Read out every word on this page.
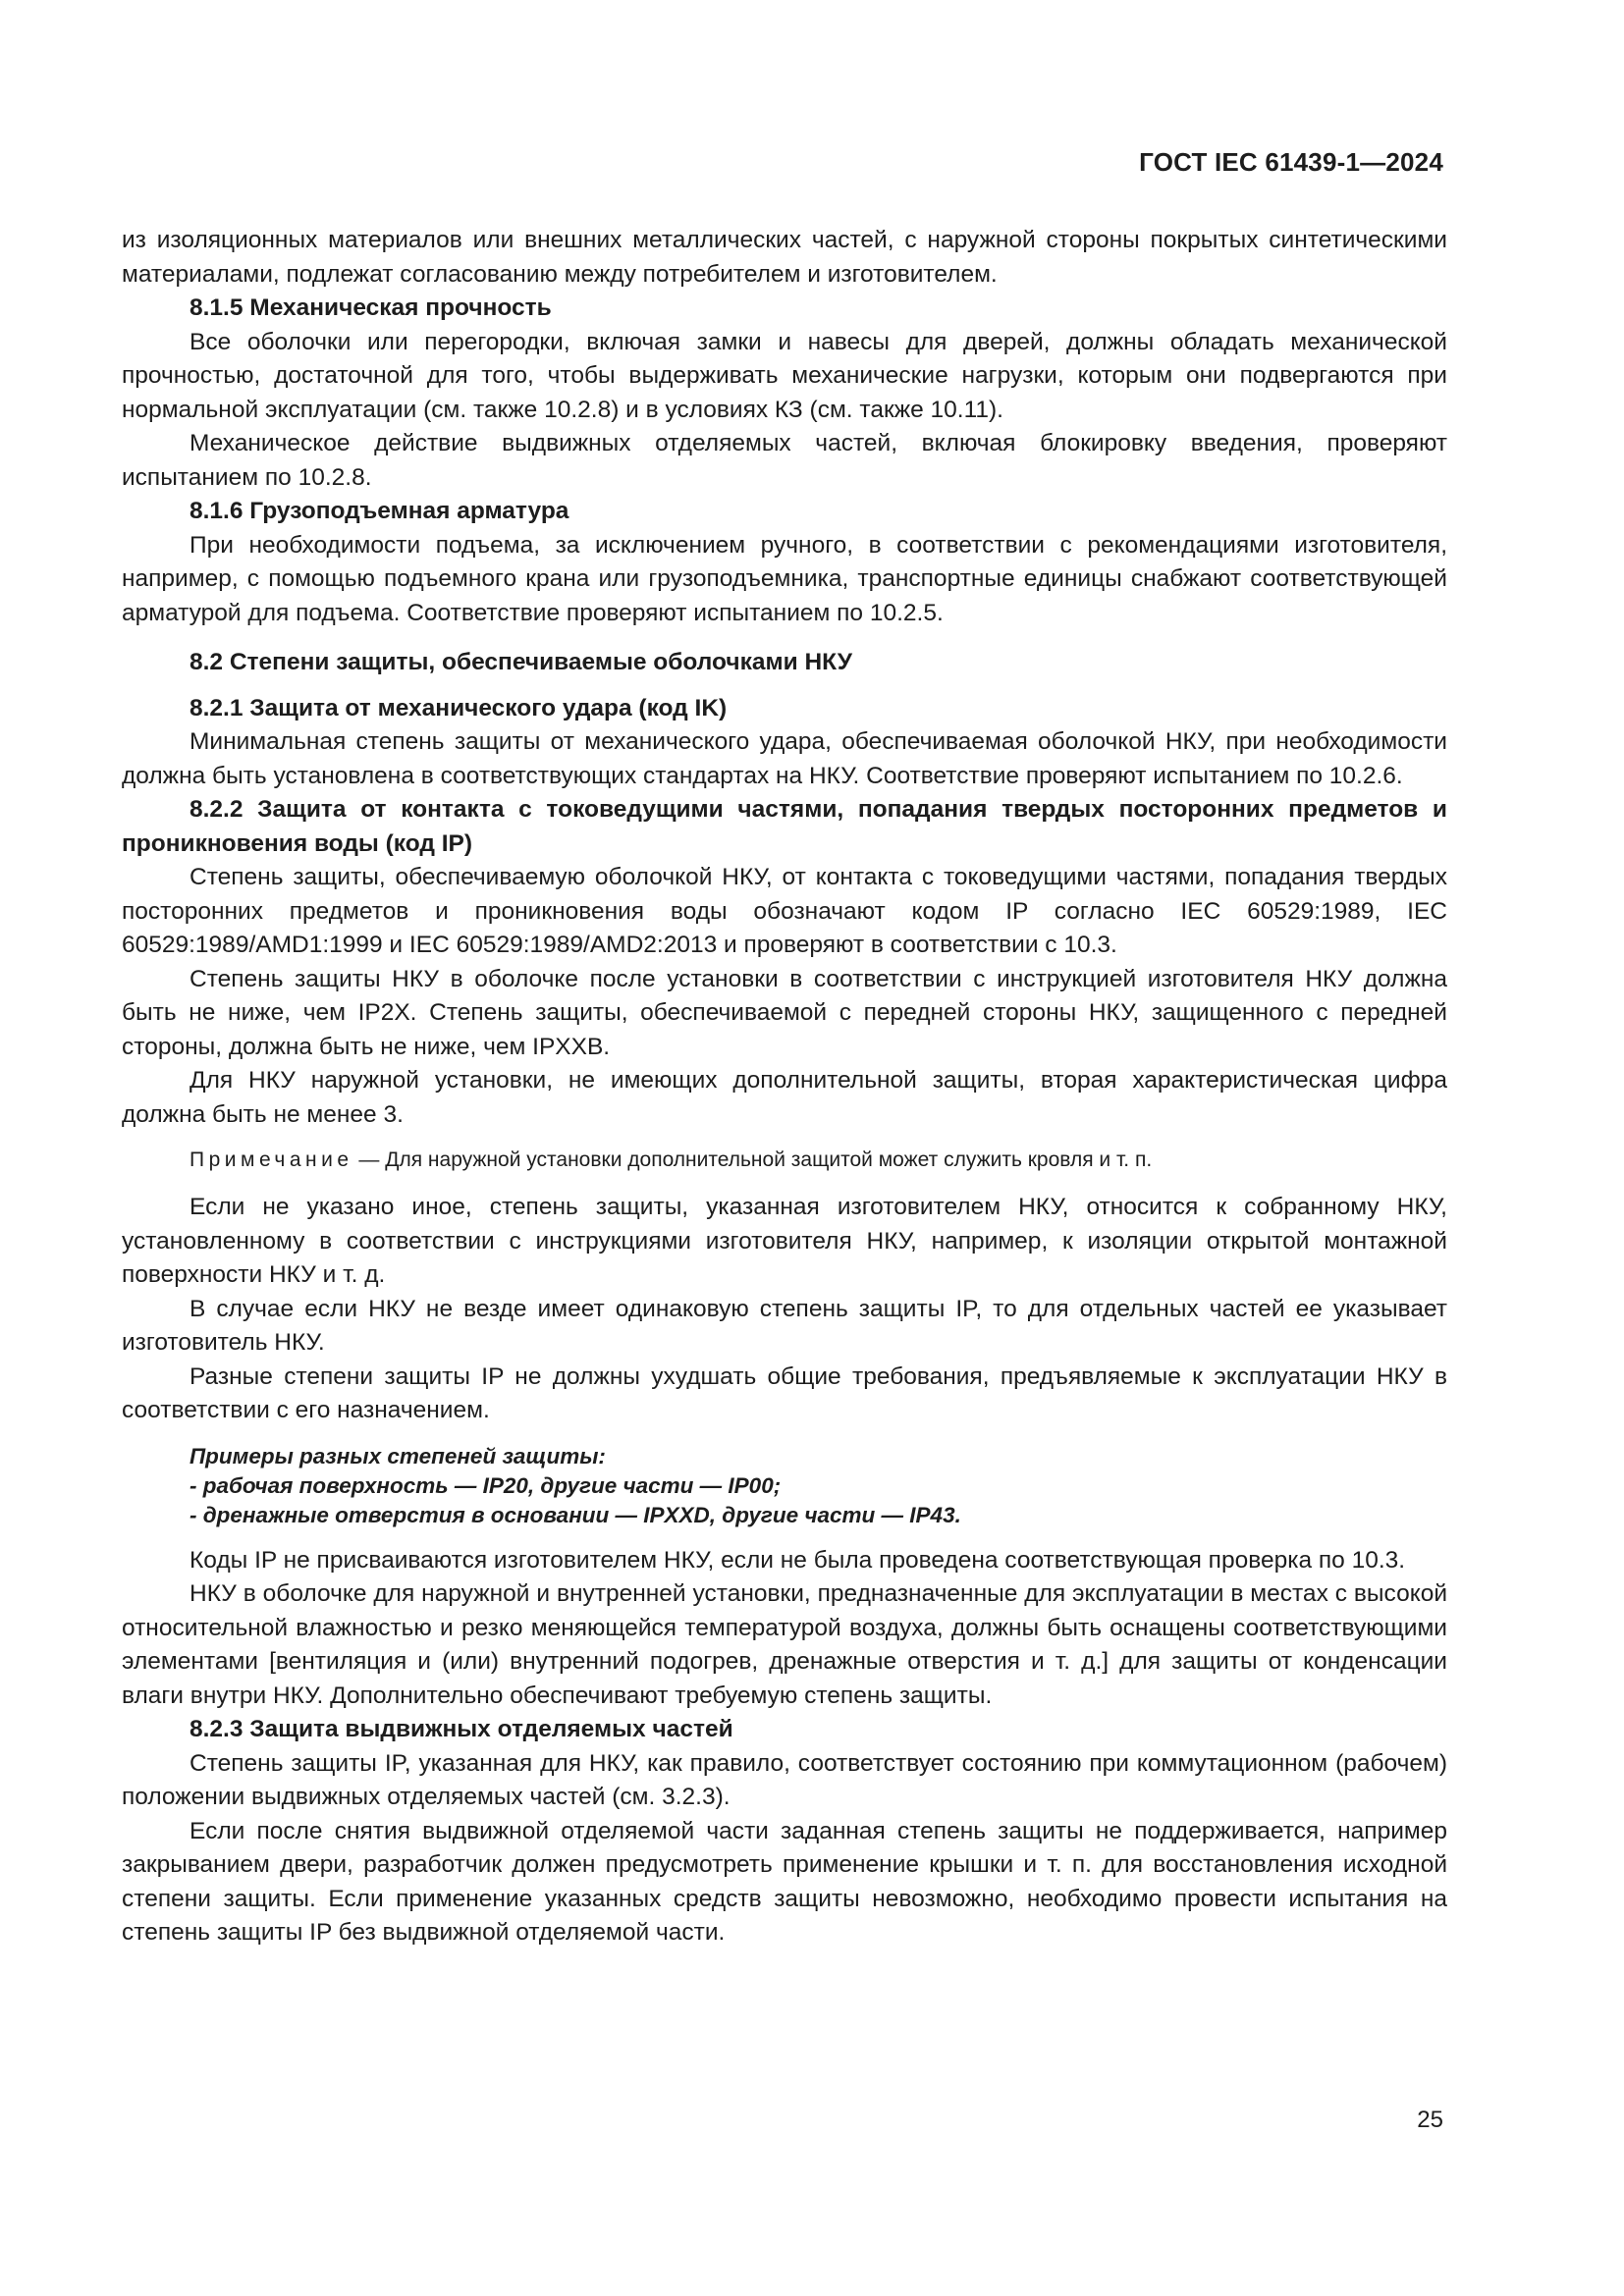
ГОСТ IEC 61439-1—2024

из изоляционных материалов или внешних металлических частей, с наружной стороны покрытых синтетическими материалами, подлежат согласованию между потребителем и изготовителем.

8.1.5 Механическая прочность

Все оболочки или перегородки, включая замки и навесы для дверей, должны обладать механической прочностью, достаточной для того, чтобы выдерживать механические нагрузки, которым они подвергаются при нормальной эксплуатации (см. также 10.2.8) и в условиях КЗ (см. также 10.11).

Механическое действие выдвижных отделяемых частей, включая блокировку введения, проверяют испытанием по 10.2.8.

8.1.6 Грузоподъемная арматура

При необходимости подъема, за исключением ручного, в соответствии с рекомендациями изготовителя, например, с помощью подъемного крана или грузоподъемника, транспортные единицы снабжают соответствующей арматурой для подъема. Соответствие проверяют испытанием по 10.2.5.

8.2 Степени защиты, обеспечиваемые оболочками НКУ
8.2.1 Защита от механического удара (код IK)

Минимальная степень защиты от механического удара, обеспечиваемая оболочкой НКУ, при необходимости должна быть установлена в соответствующих стандартах на НКУ. Соответствие проверяют испытанием по 10.2.6.

8.2.2 Защита от контакта с токоведущими частями, попадания твердых посторонних предметов и проникновения воды (код IP)

Степень защиты, обеспечиваемую оболочкой НКУ, от контакта с токоведущими частями, попадания твердых посторонних предметов и проникновения воды обозначают кодом IP согласно IEC 60529:1989, IEC 60529:1989/AMD1:1999 и IEC 60529:1989/AMD2:2013 и проверяют в соответствии с 10.3.

Степень защиты НКУ в оболочке после установки в соответствии с инструкцией изготовителя НКУ должна быть не ниже, чем IP2X. Степень защиты, обеспечиваемой с передней стороны НКУ, защищенного с передней стороны, должна быть не ниже, чем IPXXB.

Для НКУ наружной установки, не имеющих дополнительной защиты, вторая характеристическая цифра должна быть не менее 3.

Примечание — Для наружной установки дополнительной защитой может служить кровля и т. п.

Если не указано иное, степень защиты, указанная изготовителем НКУ, относится к собранному НКУ, установленному в соответствии с инструкциями изготовителя НКУ, например, к изоляции открытой монтажной поверхности НКУ и т. д.

В случае если НКУ не везде имеет одинаковую степень защиты IP, то для отдельных частей ее указывает изготовитель НКУ.

Разные степени защиты IP не должны ухудшать общие требования, предъявляемые к эксплуатации НКУ в соответствии с его назначением.

Примеры разных степеней защиты:
- рабочая поверхность — IP20, другие части — IP00;
- дренажные отверстия в основании — IPXXD, другие части — IP43.

Коды IP не присваиваются изготовителем НКУ, если не была проведена соответствующая проверка по 10.3.

НКУ в оболочке для наружной и внутренней установки, предназначенные для эксплуатации в местах с высокой относительной влажностью и резко меняющейся температурой воздуха, должны быть оснащены соответствующими элементами [вентиляция и (или) внутренний подогрев, дренажные отверстия и т. д.] для защиты от конденсации влаги внутри НКУ. Дополнительно обеспечивают требуемую степень защиты.

8.2.3 Защита выдвижных отделяемых частей

Степень защиты IP, указанная для НКУ, как правило, соответствует состоянию при коммутационном (рабочем) положении выдвижных отделяемых частей (см. 3.2.3).

Если после снятия выдвижной отделяемой части заданная степень защиты не поддерживается, например закрыванием двери, разработчик должен предусмотреть применение крышки и т. п. для восстановления исходной степени защиты. Если применение указанных средств защиты невозможно, необходимо провести испытания на степень защиты IP без выдвижной отделяемой части.

25
